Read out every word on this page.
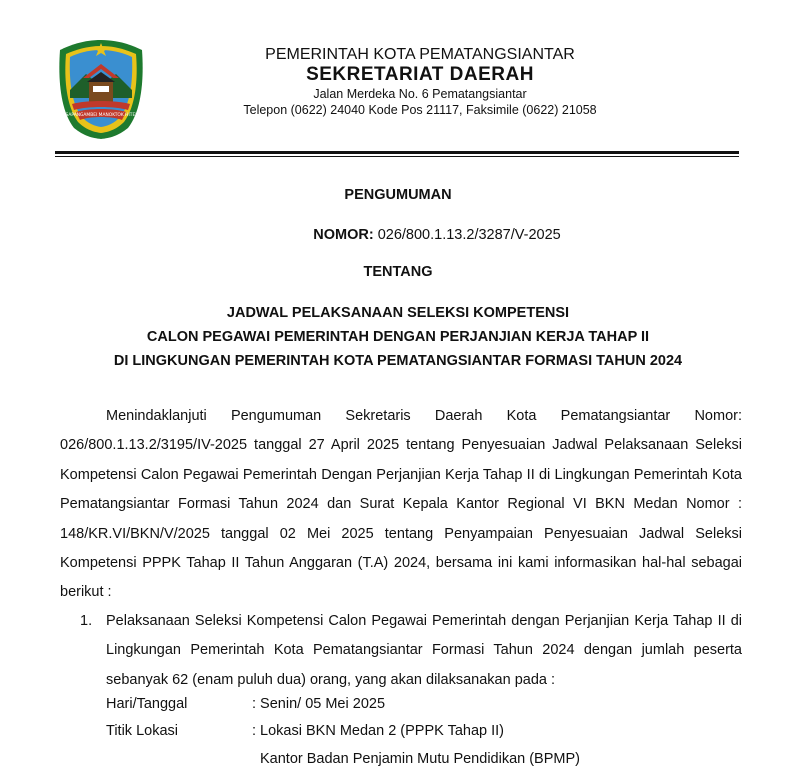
SAPANGAMBEI MANOKTOK HITEI
PEMERINTAH KOTA PEMATANGSIANTAR
SEKRETARIAT DAERAH
Jalan Merdeka No. 6 Pematangsiantar
Telepon (0622) 24040 Kode Pos 21117, Faksimile (0622) 21058
PENGUMUMAN
NOMOR: 026/800.1.13.2/3287/V-2025
TENTANG
JADWAL PELAKSANAAN SELEKSI KOMPETENSI
CALON PEGAWAI PEMERINTAH DENGAN PERJANJIAN KERJA TAHAP II
DI LINGKUNGAN PEMERINTAH KOTA PEMATANGSIANTAR FORMASI TAHUN 2024
Menindaklanjuti Pengumuman Sekretaris Daerah Kota Pematangsiantar Nomor: 026/800.1.13.2/3195/IV-2025 tanggal 27 April 2025 tentang Penyesuaian Jadwal Pelaksanaan Seleksi Kompetensi Calon Pegawai Pemerintah Dengan Perjanjian Kerja Tahap II di Lingkungan Pemerintah Kota Pematangsiantar Formasi Tahun 2024 dan Surat Kepala Kantor Regional VI BKN Medan Nomor : 148/KR.VI/BKN/V/2025 tanggal 02 Mei 2025 tentang Penyampaian Penyesuaian Jadwal Seleksi Kompetensi PPPK Tahap II Tahun Anggaran (T.A) 2024, bersama ini kami informasikan hal-hal sebagai berikut :
1. Pelaksanaan Seleksi Kompetensi Calon Pegawai Pemerintah dengan Perjanjian Kerja Tahap II di Lingkungan Pemerintah Kota Pematangsiantar Formasi Tahun 2024 dengan jumlah peserta sebanyak 62 (enam puluh dua) orang, yang akan dilaksanakan pada :
Hari/Tanggal	: Senin/ 05 Mei 2025
Titik Lokasi	: Lokasi BKN Medan 2 (PPPK Tahap II)
Kantor Badan Penjamin Mutu Pendidikan (BPMP)
